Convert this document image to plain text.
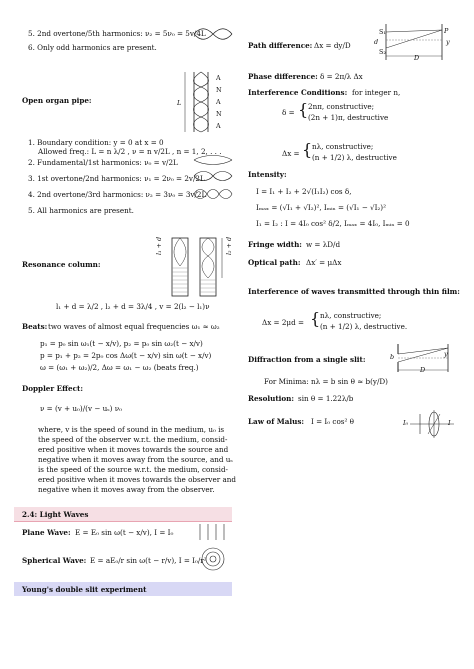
5. 2nd overtone/5th harmonics: ν₂ = 5ν₀ = 5v/4L
6. Only odd harmonics are present.
Open organ pipe:	L
A
N
A
N
A
1. Boundary condition: y = 0 at x = 0
Allowed freq.: L = n λ/2 , ν = n v/2L , n = 1, 2, . . .
2. Fundamental/1st harmonics: ν₀ = v/2L
3. 1st overtone/2nd harmonics: ν₁ = 2ν₀ = 2v/2L
4. 2nd overtone/3rd harmonics: ν₂ = 3ν₀ = 3v/2L
5. All harmonics are present.
Resonance column:
l₁ + d	l₂ + d
l₁ + d = λ/2 , l₂ + d = 3λ/4 , v = 2(l₂ − l₁)ν
Beats: two waves of almost equal frequencies ω₁ ≈ ω₂
p₁ = p₀ sin ω₁(t − x/v), p₂ = p₀ sin ω₂(t − x/v)
p = p₁ + p₂ = 2p₀ cos Δω(t − x/v) sin ω(t − x/v)
ω = (ω₁ + ω₂)/2, Δω = ω₁ − ω₂ (beats freq.)
Doppler Effect:
ν = (v + u₀)/(v − uₛ) ν₀
where, v is the speed of sound in the medium, u₀ is
the speed of the observer w.r.t. the medium, consid-
ered positive when it moves towards the source and
negative when it moves away from the source, and uₛ
is the speed of the source w.r.t. the medium, consid-
ered positive when it moves towards the observer and
negative when it moves away from the observer.
2.4: Light Waves
Plane Wave: E = E₀ sin ω(t − x/v), I = I₀
Spherical Wave: E = aE₀/r sin ω(t − r/v), I = I₀/r²
Young's double slit experiment
Path difference: Δx = dy/D
S₁
S₂
P
y
d
D
Phase difference: δ = 2π/λ Δx
Interference Conditions: for integer n,
δ = { 2nπ, constructive;
(2n + 1)π, destructive
Δx = { nλ, constructive;
(n + 1/2) λ, destructive
Intensity:
I = I₁ + I₂ + 2√(I₁I₂) cos δ,
Iₘₐₓ = (√I₁ + √I₂)², Iₘᵢₙ = (√I₁ − √I₂)²
I₁ = I₂ : I = 4I₀ cos² δ/2, Iₘₐₓ = 4I₀, Iₘᵢₙ = 0
Fringe width: w = λD/d
Optical path: Δx′ = μΔx
Interference of waves transmitted through thin film:
Δx = 2μd = { nλ, constructive;
(n + 1/2) λ, destructive.
Diffraction from a single slit:	b	y
D
For Minima: nλ = b sin θ ≈ b(y/D)
Resolution: sin θ = 1.22λ/b
Law of Malus: I = I₀ cos² θ	I₀	I
